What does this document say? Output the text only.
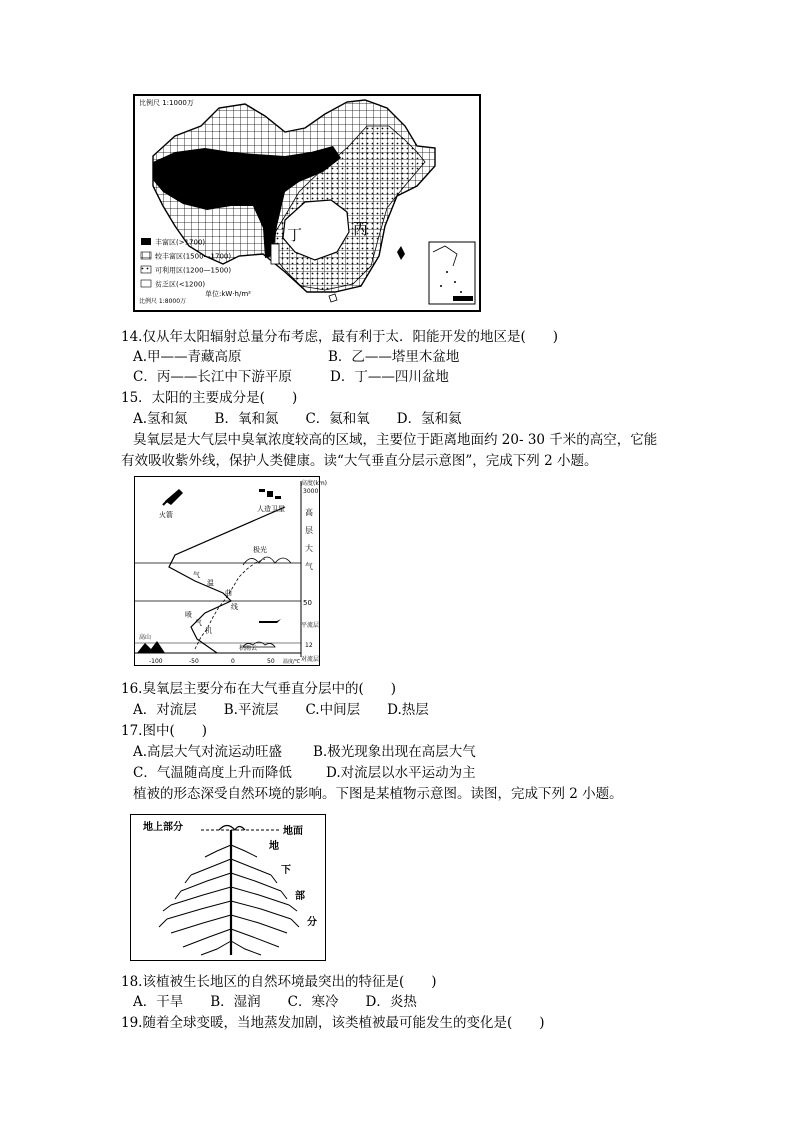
丰富区(>1700)
较丰富区(1500—1700)
可利用区(1200—1500)
贫乏区(<1200)
单位:kW·h/m²
比例尺 1:1000万
比例尺 1:8000万
丁	丙
14.仅从年太阳辐射总量分布考虑，最有利于太．阳能开发的地区是(　　)
A.甲——青藏高原	B．乙——塔里木盆地
C．丙——长江中下游平原	D．丁——四川盆地
15．太阳的主要成分是(　　)
A.氢和氮　　B．氧和氮　　C．氦和氧　　D．氢和氦
臭氧层是大气层中臭氧浓度较高的区域，主要位于距离地面约 20- 30 千米的高空，它能
有效吸收紫外线，保护人类健康。读“大气垂直分层示意图”，完成下列 2 小题。
火箭
人造卫星
极光
气
温
曲
线
喷
气
机
高山
积雨云
高度(km)
3000
高
层
大
气
50
平流层
12
对流层
-100	-50	0	50 温度/℃
16.臭氧层主要分布在大气垂直分层中的(　　)
A．对流层　　B.平流层　　C.中间层　　D.热层
17.图中(　　)
A.高层大气对流运动旺盛 B.极光现象出现在高层大气
C．气温随高度上升而降低	D.对流层以水平运动为主
植被的形态深受自然环境的影响。下图是某植物示意图。读图，完成下列 2 小题。
地上部分	地面
地
下
部
分
18.该植被生长地区的自然环境最突出的特征是(　　)
A．干旱　　B．湿润　　C．寒冷　　D．炎热
19.随着全球变暖，当地蒸发加剧，该类植被最可能发生的变化是(　　)
